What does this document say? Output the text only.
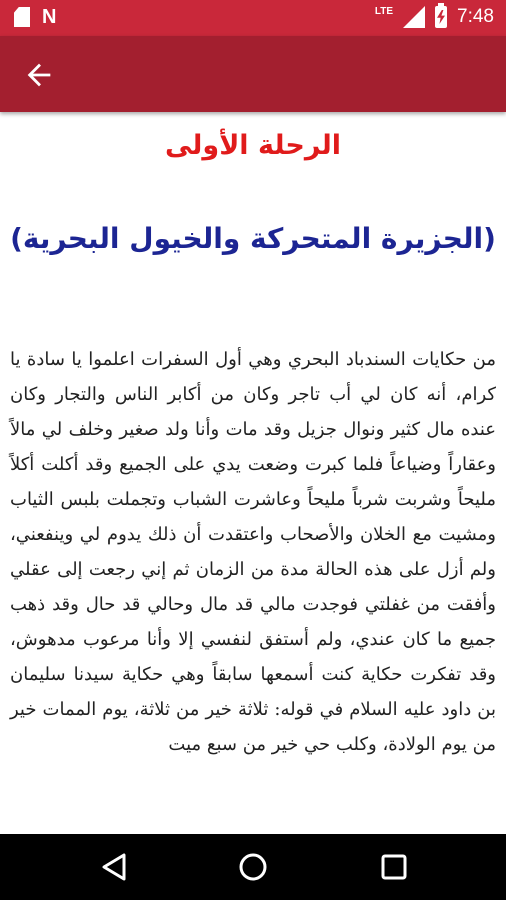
N	LTE	7:48
الرحلة الأولى
(الجزيرة المتحركة والخيول البحرية)

من حكايات السندباد البحري وهي أول السفرات اعلموا يا سادة يا كرام، أنه كان لي أب تاجر وكان من أكابر الناس والتجار وكان عنده مال كثير ونوال جزيل وقد مات وأنا ولد صغير وخلف لي مالاً وعقاراً وضياعاً فلما كبرت وضعت يدي على الجميع وقد أكلت أكلاً مليحاً وشربت شرباً مليحاً وعاشرت الشباب وتجملت بلبس الثياب ومشيت مع الخلان والأصحاب واعتقدت أن ذلك يدوم لي وينفعني، ولم أزل على هذه الحالة مدة من الزمان ثم إني رجعت إلى عقلي وأفقت من غفلتي فوجدت مالي قد مال وحالي قد حال وقد ذهب جميع ما كان عندي، ولم أستفق لنفسي إلا وأنا مرعوب مدهوش، وقد تفكرت حكاية كنت أسمعها سابقاً وهي حكاية سيدنا سليمان بن داود عليه السلام في قوله: ثلاثة خير من ثلاثة، يوم الممات خير من يوم الولادة، وكلب حي خير من سبع ميت
